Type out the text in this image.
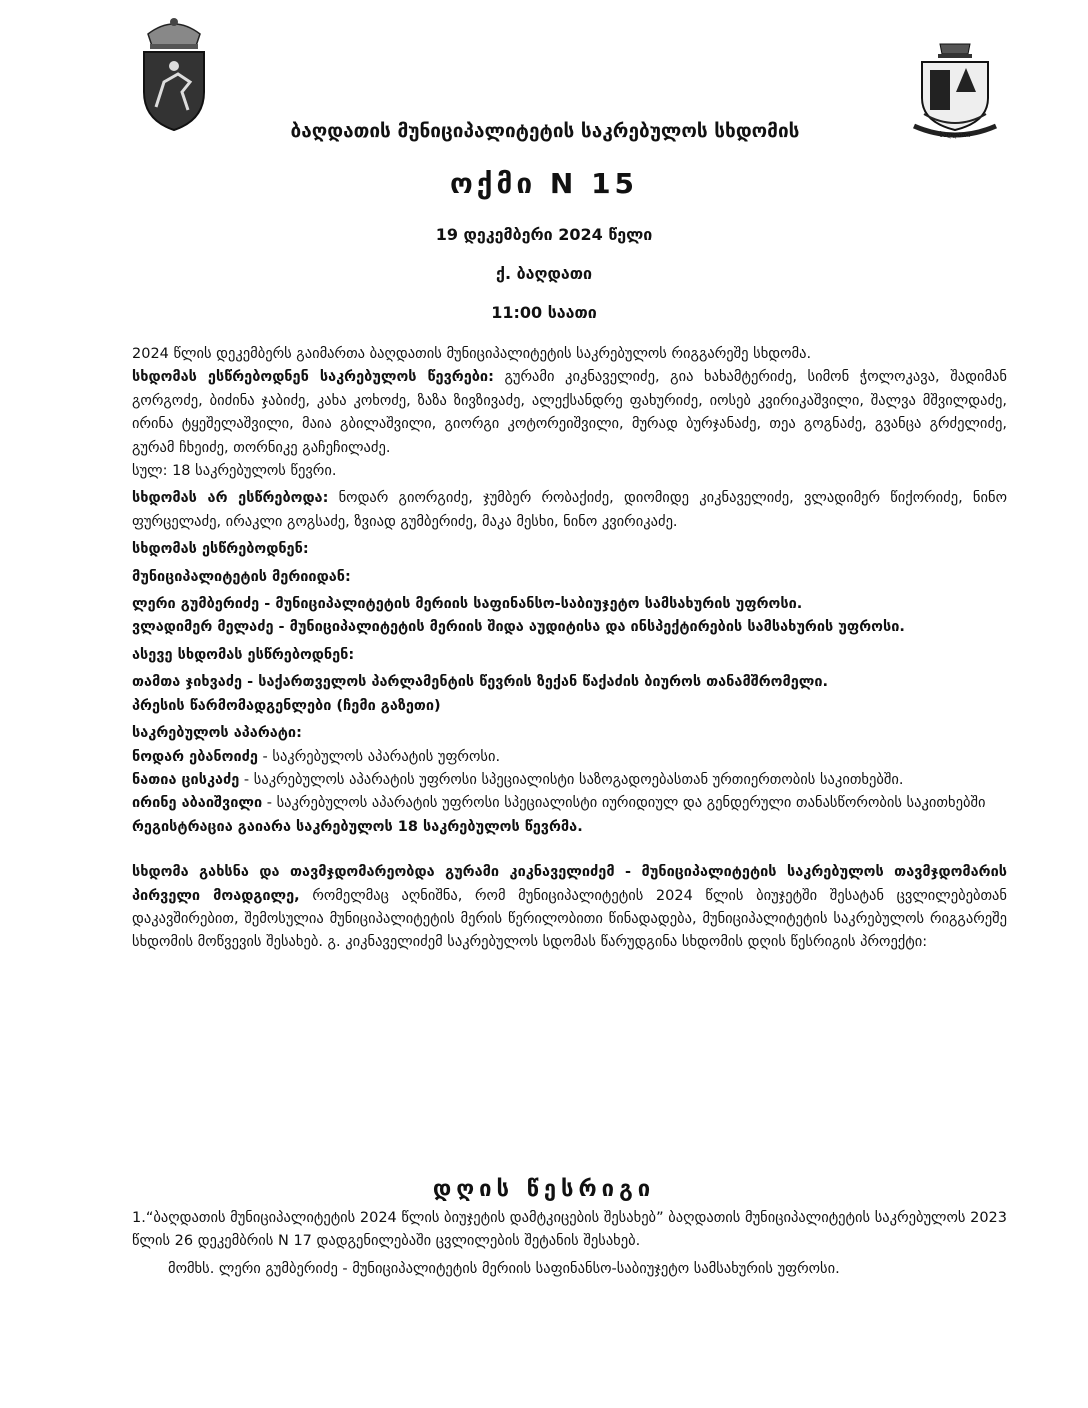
ბაღდათი
ბაღდათის მუნიციპალიტეტის საკრებულოს სხდომის
ოქმი N 15
19 დეკემბერი 2024 წელი
ქ. ბაღდათი
11:00 საათი

2024 წლის დეკემბერს გაიმართა ბაღდათის მუნიციპალიტეტის საკრებულოს რიგგარეშე სხდომა.

სხდომას ესწრებოდნენ საკრებულოს წევრები: გურამი კიკნაველიძე, გია ხახამტერიძე, სიმონ ჭოლოკავა, შადიმან გორგოძე, ბიძინა ჯაბიძე, კახა კოხოძე, ზაზა ზივზივაძე, ალექსანდრე ფახურიძე, იოსებ კვირიკაშვილი, შალვა მშვილდაძე, ირინა ტყეშელაშვილი, მაია გბილაშვილი, გიორგი კოტორეიშვილი, მურად ბურჯანაძე, თეა გოგნაძე, გვანცა გრძელიძე, გურამ ჩხეიძე, თორნიკე გაჩეჩილაძე.

სულ: 18 საკრებულოს წევრი.

სხდომას არ ესწრებოდა: ნოდარ გიორგიძე, ჯუმბერ რობაქიძე, დიომიდე კიკნაველიძე, ვლადიმერ წიქორიძე, ნინო ფურცელაძე, ირაკლი გოგსაძე, ზვიად გუმბერიძე, მაკა მესხი, ნინო კვირიკაძე.

სხდომას ესწრებოდნენ:

მუნიციპალიტეტის მერიიდან:

ლერი გუმბერიძე - მუნიციპალიტეტის მერიის საფინანსო-საბიუჯეტო სამსახურის უფროსი.

ვლადიმერ მელაძე - მუნიციპალიტეტის მერიის შიდა აუდიტისა და ინსპექტირების სამსახურის უფროსი.

ასევე სხდომას ესწრებოდნენ:

თამთა ჯიხვაძე - საქართველოს პარლამენტის წევრის ზექან წაქაძის ბიუროს თანამშრომელი.

პრესის წარმომადგენლები (ჩემი გაზეთი)

საკრებულოს აპარატი:

ნოდარ ებანოიძე - საკრებულოს აპარატის უფროსი.

ნათია ცისკაძე - საკრებულოს აპარატის უფროსი სპეციალისტი საზოგადოებასთან ურთიერთობის საკითხებში.

ირინე აბაიშვილი - საკრებულოს აპარატის უფროსი სპეციალისტი იურიდიულ და გენდერული თანასწორობის საკითხებში

რეგისტრაცია გაიარა საკრებულოს 18 საკრებულოს წევრმა.

სხდომა გახსნა და თავმჯდომარეობდა გურამი კიკნაველიძემ - მუნიციპალიტეტის საკრებულოს თავმჯდომარის პირველი მოადგილე, რომელმაც აღნიშნა, რომ მუნიციპალიტეტის 2024 წლის ბიუჯეტში შესატან ცვლილებებთან დაკავშირებით, შემოსულია მუნიციპალიტეტის მერის წერილობითი წინადადება, მუნიციპალიტეტის საკრებულოს რიგგარეშე სხდომის მოწვევის შესახებ. გ. კიკნაველიძემ საკრებულოს სდომას წარუდგინა სხდომის დღის წესრიგის პროექტი:

დღის წესრიგი

1.“ბაღდათის მუნიციპალიტეტის 2024 წლის ბიუჯეტის დამტკიცების შესახებ” ბაღდათის მუნიციპალიტეტის საკრებულოს 2023 წლის 26 დეკემბრის N 17 დადგენილებაში ცვლილების შეტანის შესახებ.

მომხს. ლერი გუმბერიძე - მუნიციპალიტეტის მერიის საფინანსო-საბიუჯეტო სამსახურის უფროსი.
